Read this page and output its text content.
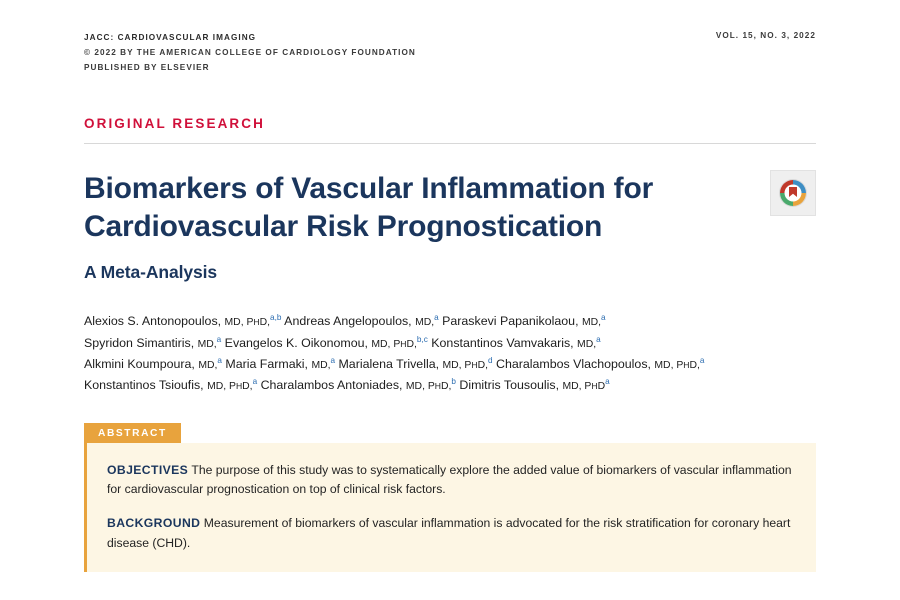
JACC: CARDIOVASCULAR IMAGING
© 2022 BY THE AMERICAN COLLEGE OF CARDIOLOGY FOUNDATION
PUBLISHED BY ELSEVIER
VOL. 15, NO. 3, 2022
ORIGINAL RESEARCH
Biomarkers of Vascular Inflammation for
Cardiovascular Risk Prognostication
A Meta-Analysis
Alexios S. Antonopoulos, MD, PHD,$^{a,b}$ Andreas Angelopoulos, MD,$^a$ Paraskevi Papanikolaou, MD,$^a$
Spyridon Simantiris, MD,$^a$ Evangelos K. Oikonomou, MD, PHD,$^{b,c}$ Konstantinos Vamvakaris, MD,$^a$
Alkmini Koumpoura, MD,$^a$ Maria Farmaki, MD,$^a$ Marialena Trivella, MD, PHD,$^d$ Charalambos Vlachopoulos, MD, PHD,$^a$
Konstantinos Tsioufis, MD, PHD,$^a$ Charalambos Antoniades, MD, PHD,$^b$ Dimitris Tousoulis, MD, PHD$^a$
ABSTRACT

OBJECTIVES The purpose of this study was to systematically explore the added value of biomarkers of vascular inflammation for cardiovascular prognostication on top of clinical risk factors.

BACKGROUND Measurement of biomarkers of vascular inflammation is advocated for the risk stratification for coronary heart disease (CHD).
